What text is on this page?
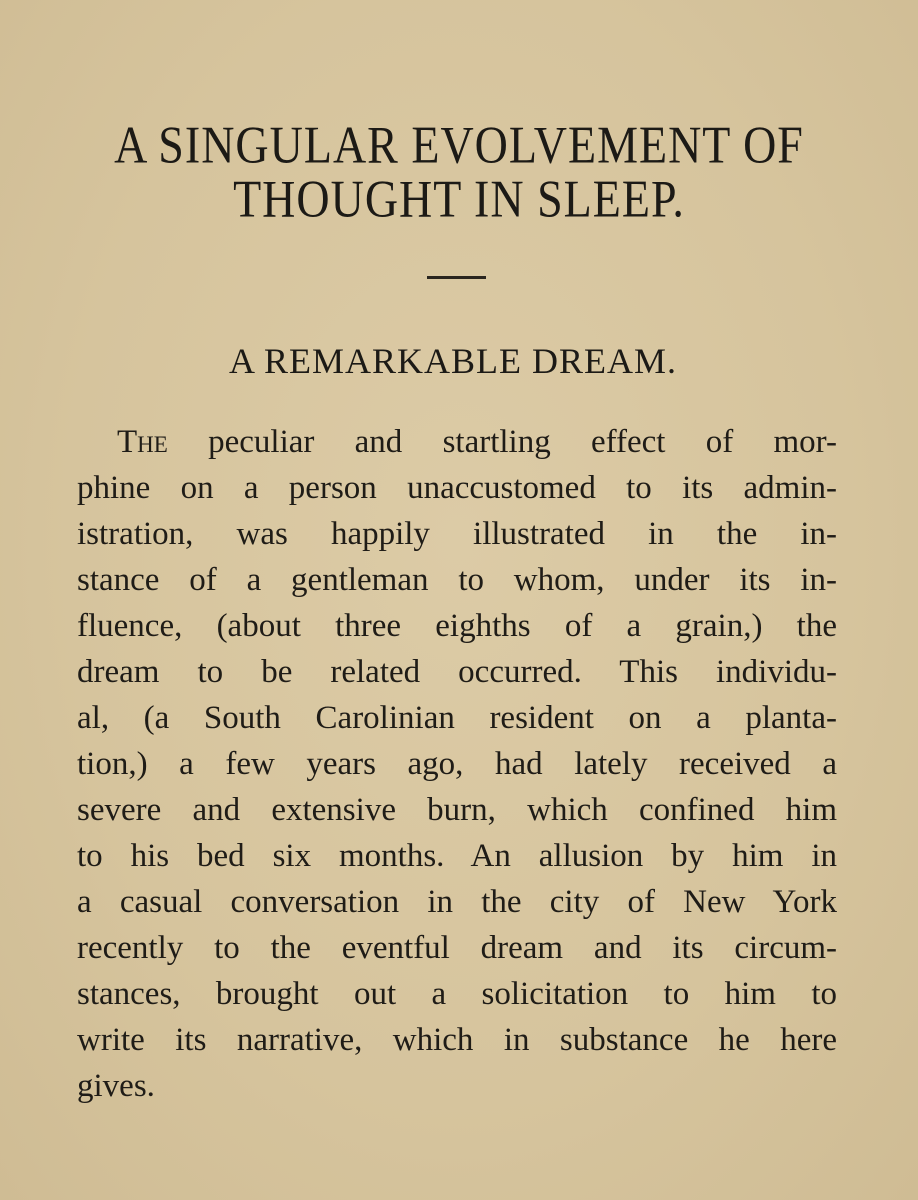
A SINGULAR EVOLVEMENT OF
THOUGHT IN SLEEP.
A REMARKABLE DREAM.
The peculiar and startling effect of mor-
phine on a person unaccustomed to its admin-
istration, was happily illustrated in the in-
stance of a gentleman to whom, under its in-
fluence, (about three eighths of a grain,) the
dream to be related occurred. This individu-
al, (a South Carolinian resident on a planta-
tion,) a few years ago, had lately received a
severe and extensive burn, which confined him
to his bed six months. An allusion by him in
a casual conversation in the city of New York
recently to the eventful dream and its circum-
stances, brought out a solicitation to him to
write its narrative, which in substance he here
gives.
